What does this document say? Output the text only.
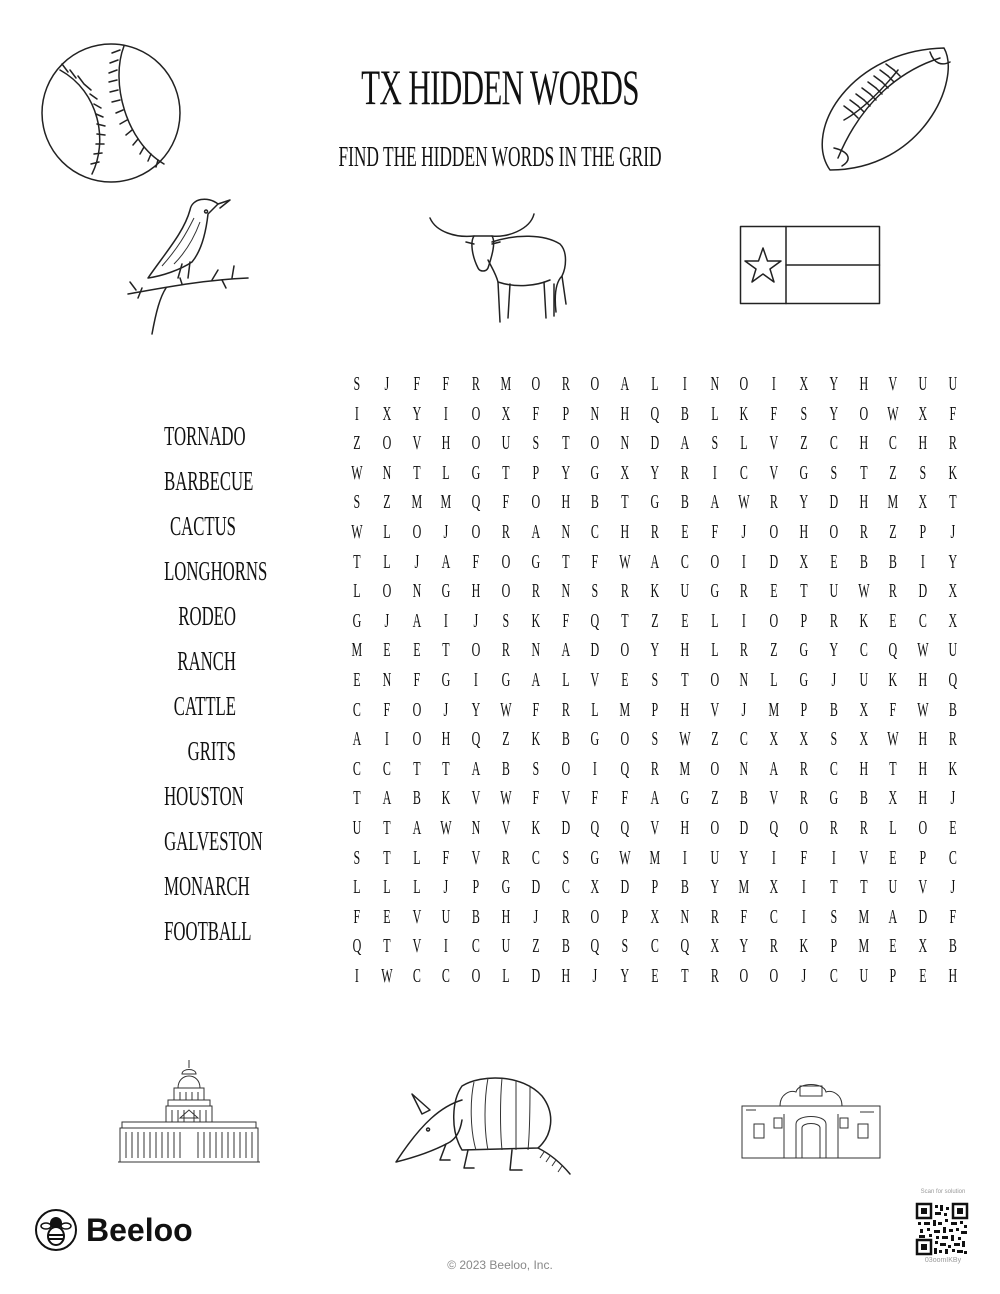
TX HIDDEN WORDS
FIND THE HIDDEN WORDS IN THE GRID
TORNADO
BARBECUE
CACTUS
LONGHORNS
RODEO
RANCH
CATTLE
GRITS
HOUSTON
GALVESTON
MONARCH
FOOTBALL
S	J	F F R M O R O A L	I	N O	I	X Y H V U U
I	X Y	I	O X F P N H Q B L K F S Y O W X F
Z O V H O U S T O N D A S L V Z C H C H R
W N T L G T P Y G X Y R	I	C V G S T Z S K
S Z M M Q F O H B T G B A W R Y D H M X T
W L O	J	O R A N C H R E F	J	O H O R Z P	J
T L	J	A F O G T F W A C O	I	D X E B B	I	Y
L O N G H O R N S R K U G R E T U W R D X
G	J	A	I	J	S K F Q T Z E L	I	O P R K E C X
M E E T O R N A D O Y H L R Z G Y C Q W U
E N F G	I	G A L V E S T O N L G	J	U K H Q
C F O	J	Y W F R L M P H V	J	M P B X F W B
A	I	O H Q Z K B G O S W Z C X X S X W H R
C C T T A B S O	I	Q R M O N A R C H T H K
T A B K V W F V F F A G Z B V R G B X H	J
U T A W N V K D Q Q V H O D Q O R R L O E
S T L F V R C S G W M	I	U Y	I	F	I	V E P C
L L L	J	P G D C X D P B Y M X	I	T T U V	J
F E V U B H	J	R O P X N R F C	I	S M A D F
Q T V	I	C U Z B Q S C Q X Y R K P M E X B
I	W C C O L D H	J	Y E T R O O	J	C U P E H
Beeloo
© 2023 Beeloo, Inc.
Scan for solution
03oomIKBy
